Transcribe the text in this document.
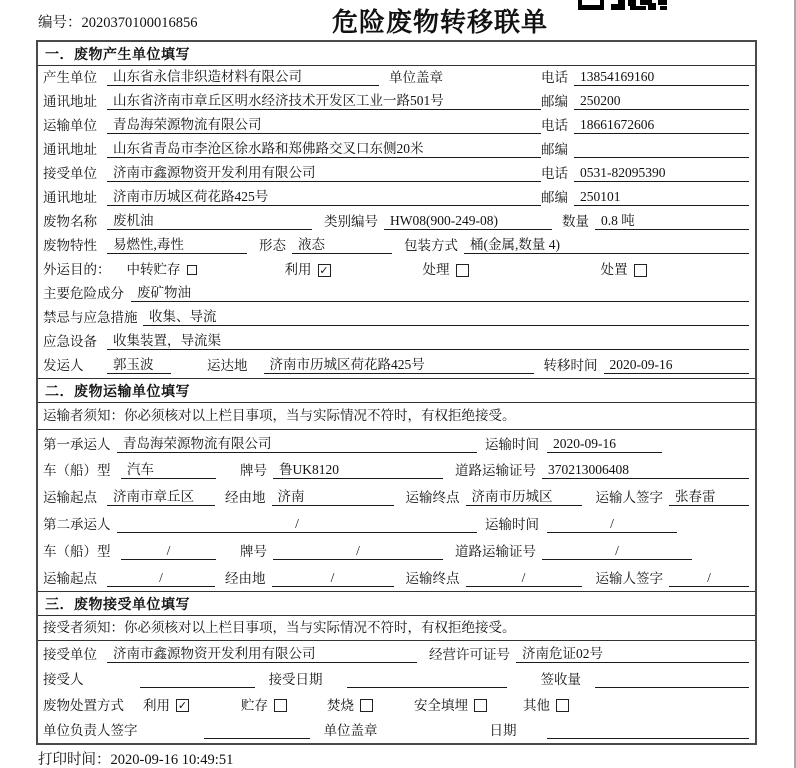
编号：2020370100016856	危险废物转移联单
一．废物产生单位填写
产生单位	山东省永信非织造材料有限公司	单位盖章	电话 13854169160
通讯地址	山东省济南市章丘区明水经济技术开发区工业一路501号	邮编 250200
运输单位	青岛海荣源物流有限公司	电话 18661672606
通讯地址	山东省青岛市李沧区徐水路和郑佛路交叉口东侧20米	邮编
接受单位	济南市鑫源物资开发利用有限公司	电话 0531-82095390
通讯地址	济南市历城区荷花路425号	邮编 250101
废物名称	废机油	类别编号 HW08(900-249-08)	数量 0.8 吨
废物特性	易燃性,毒性	形态 液态	包装方式 桶(金属,数量 4)
外运目的： 中转贮存	利用 ✓	处理	处置
主要危险成分 废矿物油
禁忌与应急措施 收集、导流
应急设备	收集装置，导流渠
发运人	郭玉波	运达地	济南市历城区荷花路425号	转移时间 2020-09-16
二．废物运输单位填写
运输者须知： 你必须核对以上栏目事项，当与实际情况不符时，有权拒绝接受。
第一承运人 青岛海荣源物流有限公司	运输时间	2020-09-16
车（船）型	汽车	牌号 鲁UK8120	道路运输证号 370213006408
运输起点	济南市章丘区	经由地 济南	运输终点 济南市历城区	运输人签字 张春雷
第二承运人	/	运输时间	/
车（船）型	/	牌号	/	道路运输证号	/
运输起点	/	经由地	/	运输终点	/	运输人签字	/
三．废物接受单位填写
接受者须知： 你必须核对以上栏目事项，当与实际情况不符时，有权拒绝接受。
接受单位	济南市鑫源物资开发利用有限公司	经营许可证号 济南危证02号
接受人	接受日期	签收量
废物处置方式	利用 ✓	贮存	焚烧	安全填埋	其他
单位负责人签字	单位盖章	日期
打印时间：2020-09-16 10:49:51
